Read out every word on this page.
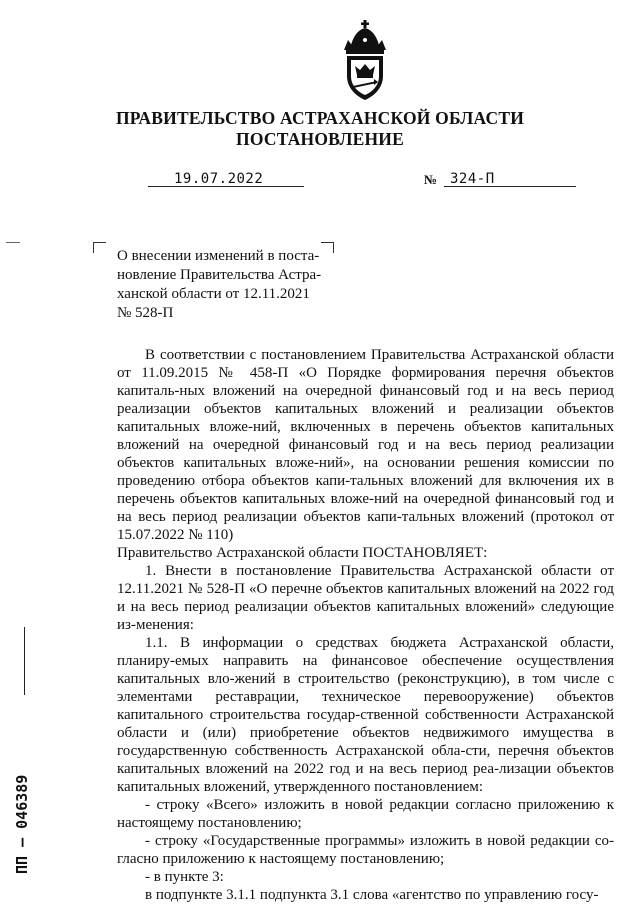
ПРАВИТЕЛЬСТВО АСТРАХАНСКОЙ ОБЛАСТИ
ПОСТАНОВЛЕНИЕ
19.07.2022	№ 324-П

О внесении изменений в поста-

новление Правительства Астра-

ханской области от 12.11.2021

№ 528-П

В соответствии с постановлением Правительства Астраханской области от 11.09.2015 № 458-П «О Порядке формирования перечня объектов капиталь-ных вложений на очередной финансовый год и на весь период реализации объектов капитальных вложений и реализации объектов капитальных вложе-ний, включенных в перечень объектов капитальных вложений на очередной финансовый год и на весь период реализации объектов капитальных вложе-ний», на основании решения комиссии по проведению отбора объектов капи-тальных вложений для включения их в перечень объектов капитальных вложе-ний на очередной финансовый год и на весь период реализации объектов капи-тальных вложений (протокол от 15.07.2022 № 110)

Правительство Астраханской области ПОСТАНОВЛЯЕТ:

1. Внести в постановление Правительства Астраханской области от 12.11.2021 № 528-П «О перечне объектов капитальных вложений на 2022 год и на весь период реализации объектов капитальных вложений» следующие из-менения:

1.1. В информации о средствах бюджета Астраханской области, планиру-емых направить на финансовое обеспечение осуществления капитальных вло-жений в строительство (реконструкцию), в том числе с элементами реставрации, техническое перевооружение) объектов капитального строительства государ-ственной собственности Астраханской области и (или) приобретение объектов недвижимого имущества в государственную собственность Астраханской обла-сти, перечня объектов капитальных вложений на 2022 год и на весь период реа-лизации объектов капитальных вложений, утвержденного постановлением:

- строку «Всего» изложить в новой редакции согласно приложению к настоящему постановлению;

- строку «Государственные программы» изложить в новой редакции со-гласно приложению к настоящему постановлению;

- в пункте 3:

в подпункте 3.1.1 подпункта 3.1 слова «агентство по управлению госу-

ПП – 046389
